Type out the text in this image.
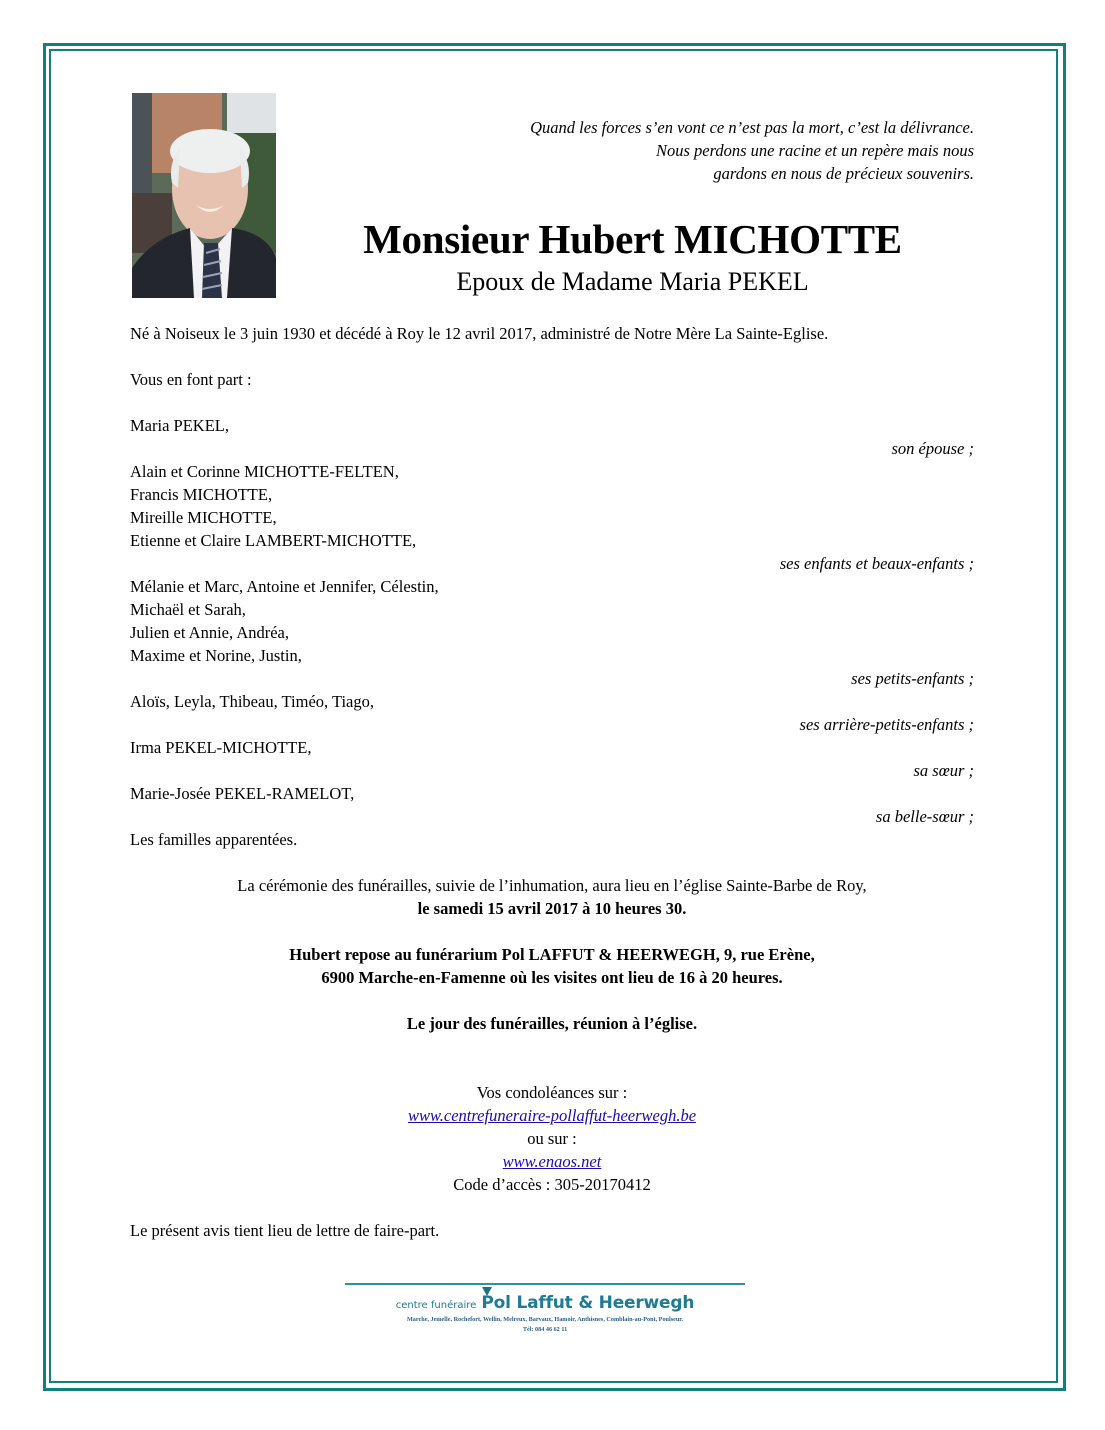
Quand les forces s’en vont ce n’est pas la mort, c’est la délivrance.
Nous perdons une racine et un repère mais nous
gardons en nous de précieux souvenirs.
Monsieur Hubert MICHOTTE
Epoux de Madame Maria PEKEL
Né à Noiseux le 3 juin 1930 et décédé à Roy le 12 avril 2017, administré de Notre Mère La Sainte-Eglise.
Vous en font part :
Maria PEKEL,
son épouse ;
Alain et Corinne MICHOTTE-FELTEN,
Francis MICHOTTE,
Mireille MICHOTTE,
Etienne et Claire LAMBERT-MICHOTTE,
ses enfants et beaux-enfants ;
Mélanie et Marc, Antoine et Jennifer, Célestin,
Michaël et Sarah,
Julien et Annie, Andréa,
Maxime et Norine, Justin,
ses petits-enfants ;
Aloïs, Leyla, Thibeau, Timéo, Tiago,
ses arrière-petits-enfants ;
Irma PEKEL-MICHOTTE,
sa sœur ;
Marie-Josée PEKEL-RAMELOT,
sa belle-sœur ;
Les familles apparentées.
La cérémonie des funérailles, suivie de l’inhumation, aura lieu en l’église Sainte-Barbe de Roy,
le samedi 15 avril 2017 à 10 heures 30.
Hubert repose au funérarium Pol LAFFUT & HEERWEGH, 9, rue Erène,
6900 Marche-en-Famenne où les visites ont lieu de 16 à 20 heures.
Le jour des funérailles, réunion à l’église.
Vos condoléances sur :
www.centrefuneraire-pollaffut-heerwegh.be
ou sur :
www.enaos.net
Code d’accès : 305-20170412
Le présent avis tient lieu de lettre de faire-part.
centre funéraire Pol Laffut & Heerwegh
Marche, Jemelle, Rochefort, Wellin, Melreux, Barvaux, Hamoir, Anthisnes, Comblain-au-Pont, Poulseur.
Tél: 084 46 62 11
